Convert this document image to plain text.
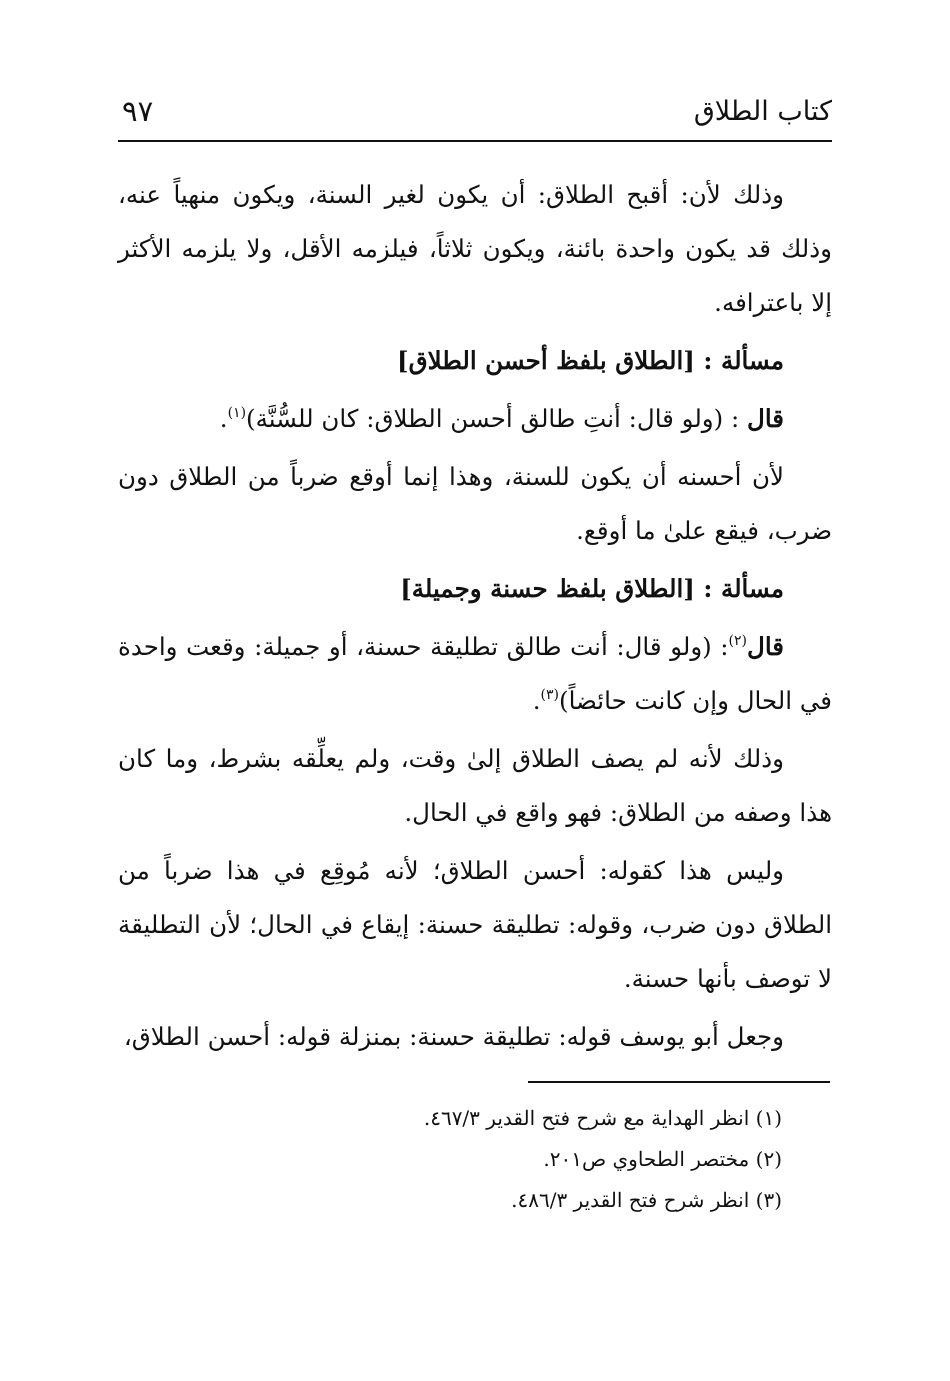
كتاب الطلاق
٩٧

وذلك لأن: أقبح الطلاق: أن يكون لغير السنة، ويكون منهياً عنه، وذلك قد يكون واحدة بائنة، ويكون ثلاثاً، فيلزمه الأقل، ولا يلزمه الأكثر إلا باعترافه.

مسألة : [الطلاق بلفظ أحسن الطلاق]

قال : (ولو قال: أنتِ طالق أحسن الطلاق: كان للسُّنَّة)$^{(١)}$.

لأن أحسنه أن يكون للسنة، وهذا إنما أوقع ضرباً من الطلاق دون ضرب، فيقع علىٰ ما أوقع.

مسألة : [الطلاق بلفظ حسنة وجميلة]

قال$^{(٢)}$: (ولو قال: أنت طالق تطليقة حسنة، أو جميلة: وقعت واحدة في الحال وإن كانت حائضاً)$^{(٣)}$.

وذلك لأنه لم يصف الطلاق إلىٰ وقت، ولم يعلِّقه بشرط، وما كان هذا وصفه من الطلاق: فهو واقع في الحال.

وليس هذا كقوله: أحسن الطلاق؛ لأنه مُوقِع في هذا ضرباً من الطلاق دون ضرب، وقوله: تطليقة حسنة: إيقاع في الحال؛ لأن التطليقة لا توصف بأنها حسنة.

وجعل أبو يوسف قوله: تطليقة حسنة: بمنزلة قوله: أحسن الطلاق،

(١) انظر الهداية مع شرح فتح القدير ٤٦٧/٣.

(٢) مختصر الطحاوي ص٢٠١.

(٣) انظر شرح فتح القدير ٤٨٦/٣.
